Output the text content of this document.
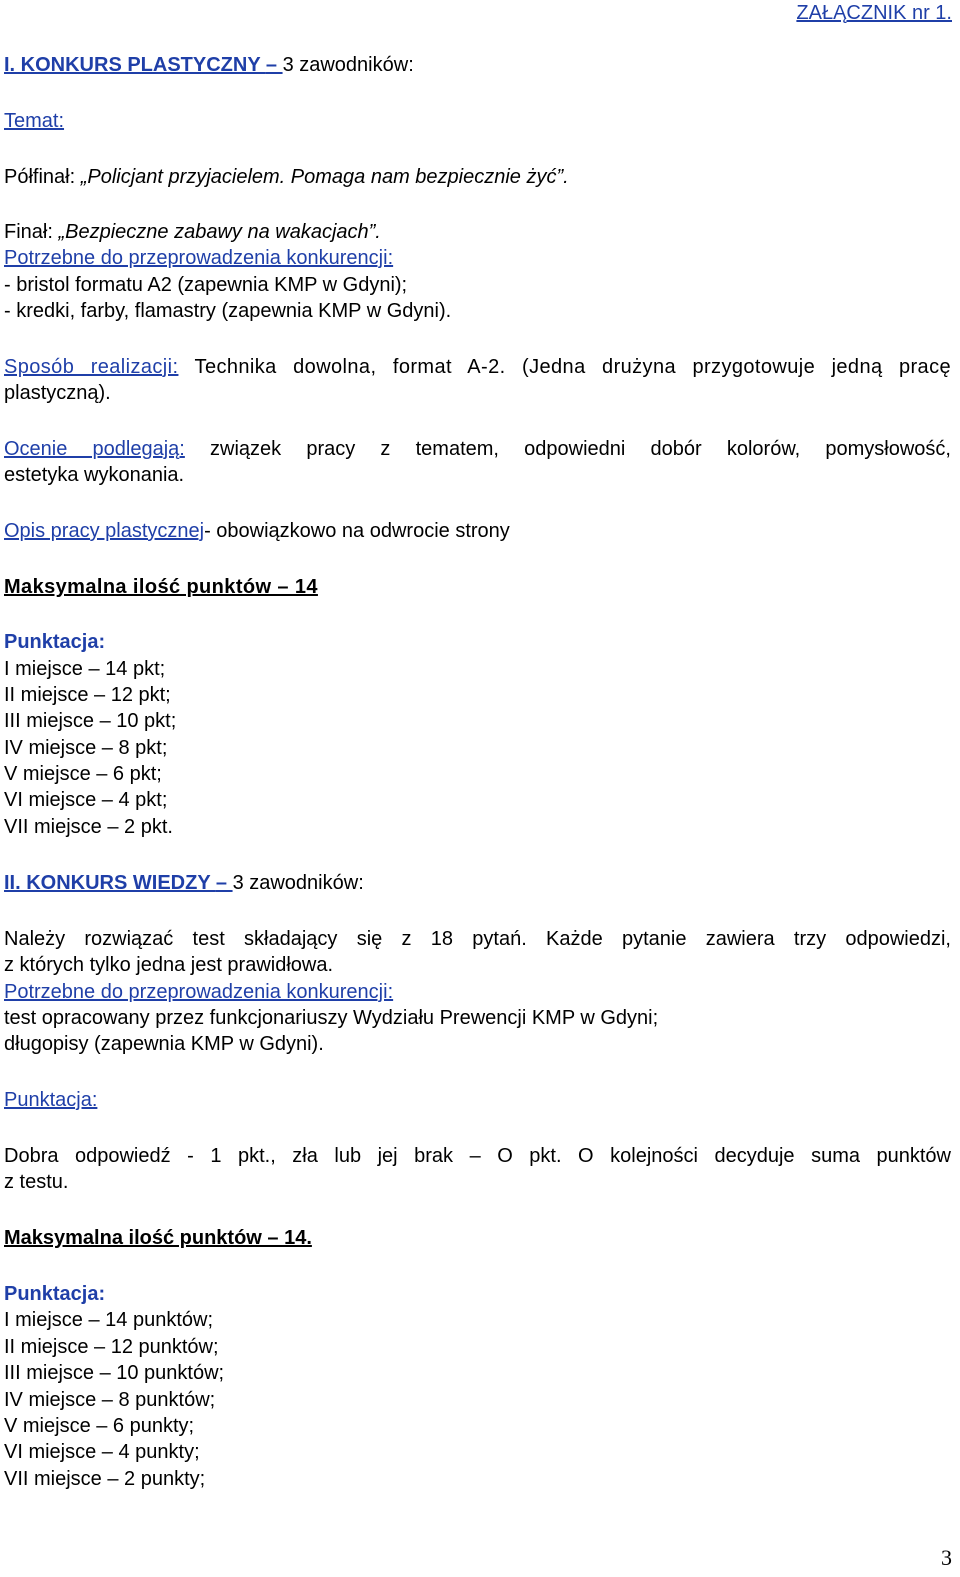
ZAŁĄCZNIK nr 1.
I. KONKURS PLASTYCZNY – 3 zawodników:
Temat:
Półfinał: „Policjant przyjacielem. Pomaga nam bezpiecznie żyć”.
Finał: „Bezpieczne zabawy na wakacjach”.
Potrzebne do przeprowadzenia konkurencji:
- bristol formatu A2 (zapewnia KMP w Gdyni);
- kredki, farby, flamastry (zapewnia KMP w Gdyni).
Sposób realizacji: Technika dowolna, format A-2. (Jedna drużyna przygotowuje jedną pracę
plastyczną).
Ocenie podlegają: związek pracy z tematem, odpowiedni dobór kolorów, pomysłowość,
estetyka wykonania.
Opis pracy plastycznej- obowiązkowo na odwrocie strony
Maksymalna ilość punktów – 14
Punktacja:
I miejsce – 14 pkt;
II miejsce – 12 pkt;
III miejsce – 10 pkt;
IV miejsce – 8 pkt;
V miejsce – 6 pkt;
VI miejsce – 4 pkt;
VII miejsce – 2 pkt.
II. KONKURS WIEDZY – 3 zawodników:
Należy rozwiązać test składający się z 18 pytań. Każde pytanie zawiera trzy odpowiedzi,
z których tylko jedna jest prawidłowa.
Potrzebne do przeprowadzenia konkurencji:
test opracowany przez funkcjonariuszy Wydziału Prewencji KMP w Gdyni;
długopisy (zapewnia KMP w Gdyni).
Punktacja:
Dobra odpowiedź - 1 pkt., zła lub jej brak – O pkt. O kolejności decyduje suma punktów
z testu.
Maksymalna ilość punktów – 14.
Punktacja:
I miejsce – 14 punktów;
II miejsce – 12 punktów;
III miejsce – 10 punktów;
IV miejsce – 8 punktów;
V miejsce – 6 punkty;
VI miejsce – 4 punkty;
VII miejsce – 2 punkty;
3
